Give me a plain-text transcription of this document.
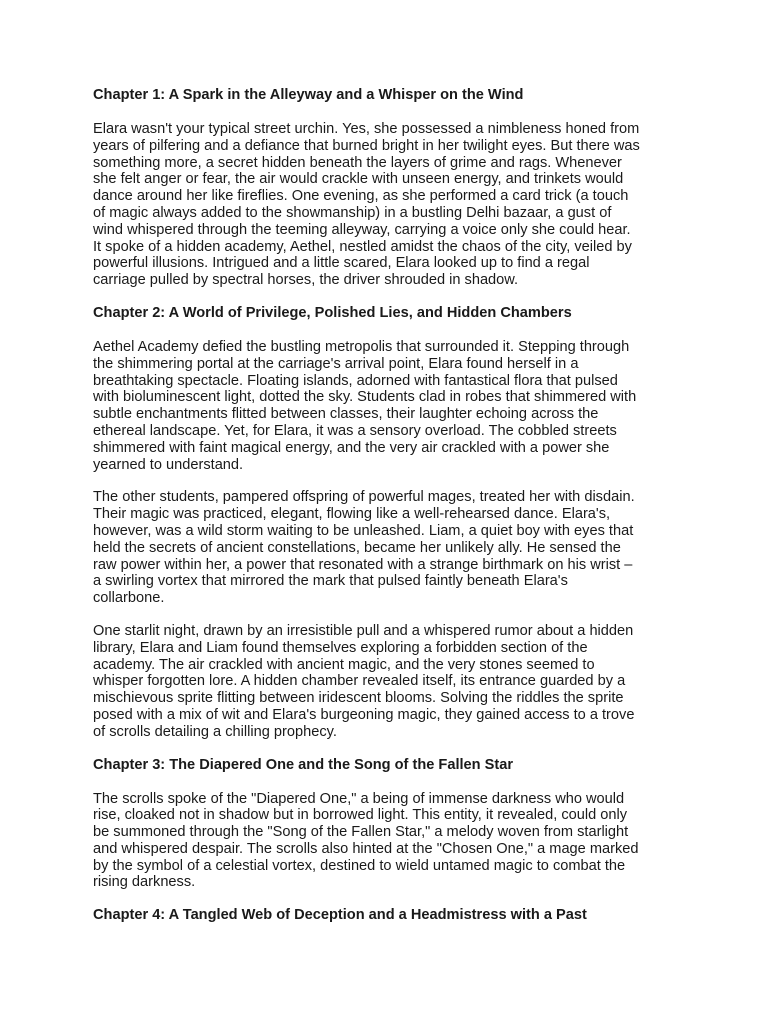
Chapter 1: A Spark in the Alleyway and a Whisper on the Wind

Elara wasn't your typical street urchin. Yes, she possessed a nimbleness honed from
years of pilfering and a defiance that burned bright in her twilight eyes. But there was
something more, a secret hidden beneath the layers of grime and rags. Whenever
she felt anger or fear, the air would crackle with unseen energy, and trinkets would
dance around her like fireflies. One evening, as she performed a card trick (a touch
of magic always added to the showmanship) in a bustling Delhi bazaar, a gust of
wind whispered through the teeming alleyway, carrying a voice only she could hear.
It spoke of a hidden academy, Aethel, nestled amidst the chaos of the city, veiled by
powerful illusions. Intrigued and a little scared, Elara looked up to find a regal
carriage pulled by spectral horses, the driver shrouded in shadow.

Chapter 2: A World of Privilege, Polished Lies, and Hidden Chambers

Aethel Academy defied the bustling metropolis that surrounded it. Stepping through
the shimmering portal at the carriage's arrival point, Elara found herself in a
breathtaking spectacle. Floating islands, adorned with fantastical flora that pulsed
with bioluminescent light, dotted the sky. Students clad in robes that shimmered with
subtle enchantments flitted between classes, their laughter echoing across the
ethereal landscape. Yet, for Elara, it was a sensory overload. The cobbled streets
shimmered with faint magical energy, and the very air crackled with a power she
yearned to understand.

The other students, pampered offspring of powerful mages, treated her with disdain.
Their magic was practiced, elegant, flowing like a well-rehearsed dance. Elara's,
however, was a wild storm waiting to be unleashed. Liam, a quiet boy with eyes that
held the secrets of ancient constellations, became her unlikely ally. He sensed the
raw power within her, a power that resonated with a strange birthmark on his wrist –
a swirling vortex that mirrored the mark that pulsed faintly beneath Elara's
collarbone.

One starlit night, drawn by an irresistible pull and a whispered rumor about a hidden
library, Elara and Liam found themselves exploring a forbidden section of the
academy. The air crackled with ancient magic, and the very stones seemed to
whisper forgotten lore. A hidden chamber revealed itself, its entrance guarded by a
mischievous sprite flitting between iridescent blooms. Solving the riddles the sprite
posed with a mix of wit and Elara's burgeoning magic, they gained access to a trove
of scrolls detailing a chilling prophecy.

Chapter 3: The Diapered One and the Song of the Fallen Star

The scrolls spoke of the "Diapered One," a being of immense darkness who would
rise, cloaked not in shadow but in borrowed light. This entity, it revealed, could only
be summoned through the "Song of the Fallen Star," a melody woven from starlight
and whispered despair. The scrolls also hinted at the "Chosen One," a mage marked
by the symbol of a celestial vortex, destined to wield untamed magic to combat the
rising darkness.

Chapter 4: A Tangled Web of Deception and a Headmistress with a Past
